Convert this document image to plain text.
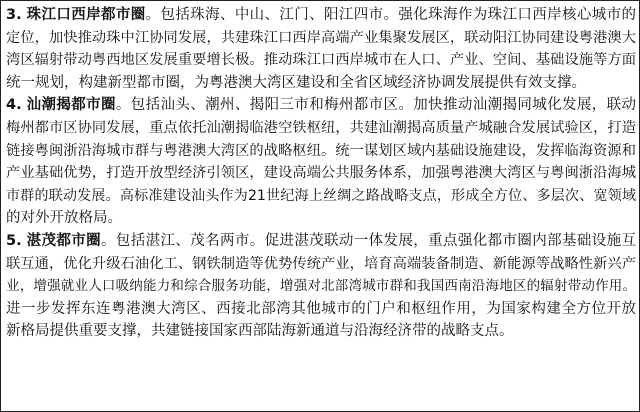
3. 珠江口西岸都市圈。包括珠海、中山、江门、阳江四市。强化珠海作为珠江口西岸核心城市的
定位，加快推动珠中江协同发展，共建珠江口西岸高端产业集聚发展区，联动阳江协同建设粤港澳大
湾区辐射带动粤西地区发展重要增长极。推动珠江口西岸城市在人口、产业、空间、基础设施等方面
统一规划，构建新型都市圈，为粤港澳大湾区建设和全省区域经济协调发展提供有效支撑。
4. 汕潮揭都市圈。包括汕头、潮州、揭阳三市和梅州都市区。加快推动汕潮揭同城化发展，联动
梅州都市区协同发展，重点依托汕潮揭临港空铁枢纽，共建汕潮揭高质量产城融合发展试验区，打造
链接粤闽浙沿海城市群与粤港澳大湾区的战略枢纽。统一谋划区域内基础设施建设，发挥临海资源和
产业基础优势，打造开放型经济引领区，建设高端公共服务体系，加强粤港澳大湾区与粤闽浙沿海城
市群的联动发展。高标准建设汕头作为21世纪海上丝绸之路战略支点，形成全方位、多层次、宽领域
的对外开放格局。
5. 湛茂都市圈。包括湛江、茂名两市。促进湛茂联动一体发展，重点强化都市圈内部基础设施互
联互通，优化升级石油化工、钢铁制造等优势传统产业，培育高端装备制造、新能源等战略性新兴产
业，增强就业人口吸纳能力和综合服务功能，增强对北部湾城市群和我国西南沿海地区的辐射带动作用。
进一步发挥东连粤港澳大湾区、西接北部湾其他城市的门户和枢纽作用，为国家构建全方位开放
新格局提供重要支撑，共建链接国家西部陆海新通道与沿海经济带的战略支点。
